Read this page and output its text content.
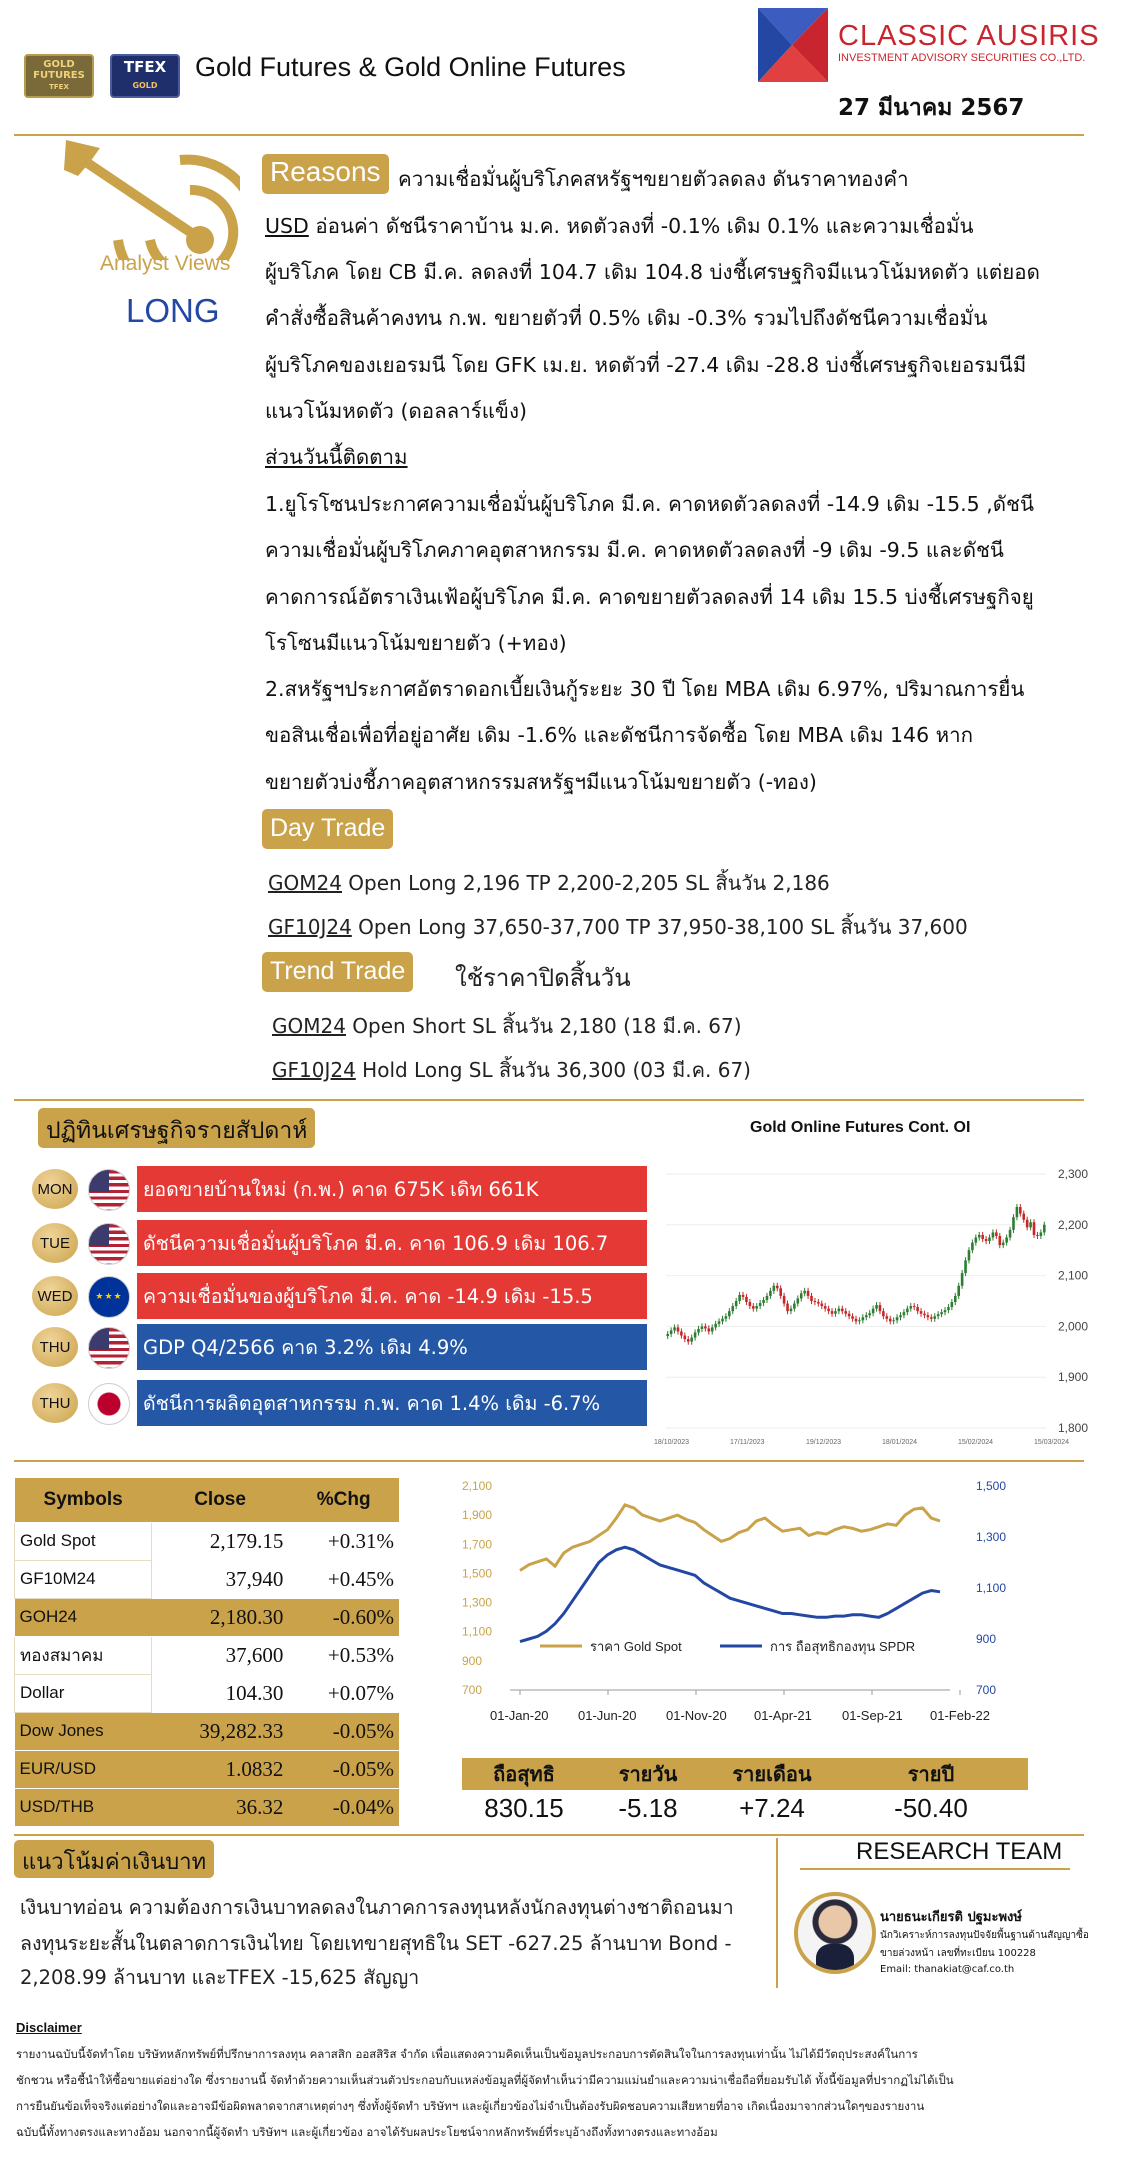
GOLD
FUTURES
TFEX
TFEX
GOLD
Gold Futures & Gold Online Futures
CLASSIC AUSIRIS
INVESTMENT ADVISORY SECURITIES CO.,LTD.
27 มีนาคม 2567
Analyst Views
LONG
Reasons ความเชื่อมั่นผู้บริโภคสหรัฐฯขยายตัวลดลง ดันราคาทองคำ
USD อ่อนค่า ดัชนีราคาบ้าน ม.ค. หดตัวลงที่ -0.1% เดิม 0.1% และความเชื่อมั่น
ผู้บริโภค โดย CB มี.ค. ลดลงที่ 104.7 เดิม 104.8 บ่งชี้เศรษฐกิจมีแนวโน้มหดตัว แต่ยอด
คำสั่งซื้อสินค้าคงทน ก.พ. ขยายตัวที่ 0.5% เดิม -0.3% รวมไปถึงดัชนีความเชื่อมั่น
ผู้บริโภคของเยอรมนี โดย GFK เม.ย. หดตัวที่ -27.4 เดิม -28.8 บ่งชี้เศรษฐกิจเยอรมนีมี
แนวโน้มหดตัว (ดอลลาร์แข็ง)
ส่วนวันนี้ติดตาม
1.ยูโรโซนประกาศความเชื่อมั่นผู้บริโภค มี.ค. คาดหดตัวลดลงที่ -14.9 เดิม -15.5 ,ดัชนี
ความเชื่อมั่นผู้บริโภคภาคอุตสาหกรรม มี.ค. คาดหดตัวลดลงที่ -9 เดิม -9.5 และดัชนี
คาดการณ์อัตราเงินเฟ้อผู้บริโภค มี.ค. คาดขยายตัวลดลงที่ 14 เดิม 15.5 บ่งชี้เศรษฐกิจยู
โรโซนมีแนวโน้มขยายตัว (+ทอง)
2.สหรัฐฯประกาศอัตราดอกเบี้ยเงินกู้ระยะ 30 ปี โดย MBA เดิม 6.97%, ปริมาณการยื่น
ขอสินเชื่อเพื่อที่อยู่อาศัย เดิม -1.6% และดัชนีการจัดซื้อ โดย MBA เดิม 146 หาก
ขยายตัวบ่งชี้ภาคอุตสาหกรรมสหรัฐฯมีแนวโน้มขยายตัว (-ทอง)
Day Trade
GOM24 Open Long 2,196 TP 2,200-2,205 SL สิ้นวัน 2,186
GF10J24 Open Long 37,650-37,700 TP 37,950-38,100 SL สิ้นวัน 37,600
Trend Trade	ใช้ราคาปิดสิ้นวัน
GOM24 Open Short SL สิ้นวัน 2,180 (18 มี.ค. 67)
GF10J24 Hold Long SL สิ้นวัน 36,300 (03 มี.ค. 67)
ปฏิทินเศรษฐกิจรายสัปดาห์
MON	ยอดขายบ้านใหม่ (ก.พ.) คาด 675K เดิท 661K
TUE	ดัชนีความเชื่อมั่นผู้บริโภค มี.ค. คาด 106.9 เดิม 106.7
WED	★★★	ความเชื่อมั่นของผู้บริโภค มี.ค. คาด -14.9 เดิม -15.5
THU	GDP Q4/2566 คาด 3.2% เดิม 4.9%
THU	ดัชนีการผลิตอุตสาหกรรม ก.พ. คาด 1.4% เดิม -6.7%
Gold Online Futures Cont. OI
2,300
2,200
2,100
2,000
1,900
1,800
18/10/2023	17/11/2023	19/12/2023	18/01/2024	15/02/2024	15/03/2024
Symbols	Close	%Chg
Gold Spot	2,179.15	+0.31%
GF10M24	37,940	+0.45%
GOH24	2,180.30	-0.60%
ทองสมาคม	37,600	+0.53%
Dollar	104.30	+0.07%
Dow Jones	39,282.33	-0.05%
EUR/USD	1.0832	-0.05%
USD/THB	36.32	-0.04%
2,100
1,900
1,700
1,500
1,300
1,100
900
700
1,500
1,300
1,100
900
700
01-Jan-20 01-Jun-20 01-Nov-20 01-Apr-21 01-Sep-21 01-Feb-22
ราคา Gold Spot	การ ถือสุทธิกองทุน SPDR
ถือสุทธิ	รายวัน	รายเดือน	รายปี
830.15	-5.18	+7.24	-50.40
แนวโน้มค่าเงินบาท
เงินบาทอ่อน ความต้องการเงินบาทลดลงในภาคการลงทุนหลังนักลงทุนต่างชาติถอนมา
ลงทุนระยะสั้นในตลาดการเงินไทย โดยเทขายสุทธิใน SET -627.25 ล้านบาท Bond -
2,208.99 ล้านบาท และTFEX -15,625 สัญญา
RESEARCH TEAM
นายธนะเกียรติ ปฐมะพงษ์
นักวิเคราะห์การลงทุนปัจจัยพื้นฐานด้านสัญญาซื้อ
ขายล่วงหน้า เลขที่ทะเบียน 100228
Email: thanakiat@caf.co.th
Disclaimer
รายงานฉบับนี้จัดทำโดย บริษัทหลักทรัพย์ที่ปรึกษาการลงทุน คลาสสิก ออสสิริส จำกัด เพื่อแสดงความคิดเห็นเป็นข้อมูลประกอบการตัดสินใจในการลงทุนเท่านั้น ไม่ได้มีวัตถุประสงค์ในการ
ชักชวน หรือชี้นำให้ซื้อขายแต่อย่างใด ซึ่งรายงานนี้ จัดทำด้วยความเห็นส่วนตัวประกอบกับแหล่งข้อมูลที่ผู้จัดทำเห็นว่ามีความแม่นยำและความน่าเชื่อถือที่ยอมรับได้ ทั้งนี้ข้อมูลที่ปรากฏไม่ได้เป็น
การยืนยันข้อเท็จจริงแต่อย่างใดและอาจมีข้อผิดพลาดจากสาเหตุต่างๆ ซึ่งทั้งผู้จัดทำ บริษัทฯ และผู้เกี่ยวข้องไม่จำเป็นต้องรับผิดชอบความเสียหายที่อาจ เกิดเนื่องมาจากส่วนใดๆของรายงาน
ฉบับนี้ทั้งทางตรงและทางอ้อม นอกจากนี้ผู้จัดทำ บริษัทฯ และผู้เกี่ยวข้อง อาจได้รับผลประโยชน์จากหลักทรัพย์ที่ระบุอ้างถึงทั้งทางตรงและทางอ้อม
